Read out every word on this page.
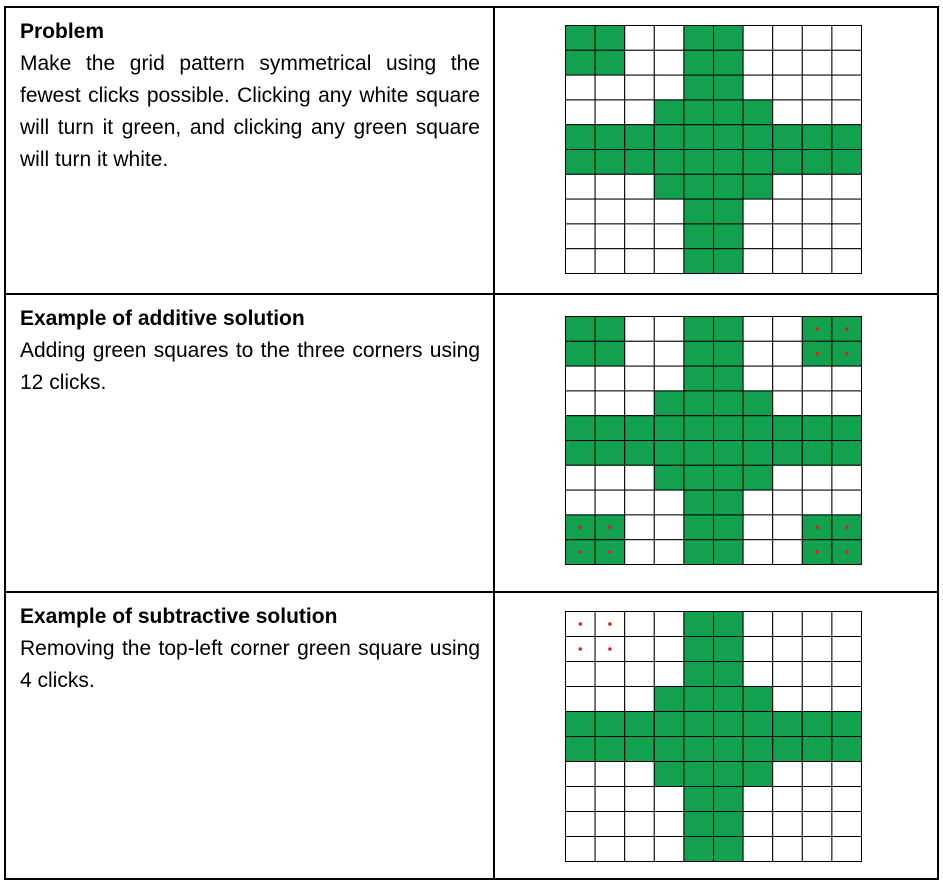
Problem

Make the grid pattern symmetrical using the fewest clicks possible. Clicking any white square will turn it green, and clicking any green square will turn it white.

Example of additive solution

Adding green squares to the three corners using 12 clicks.

Example of subtractive solution

Removing the top-left corner green square using 4 clicks.
